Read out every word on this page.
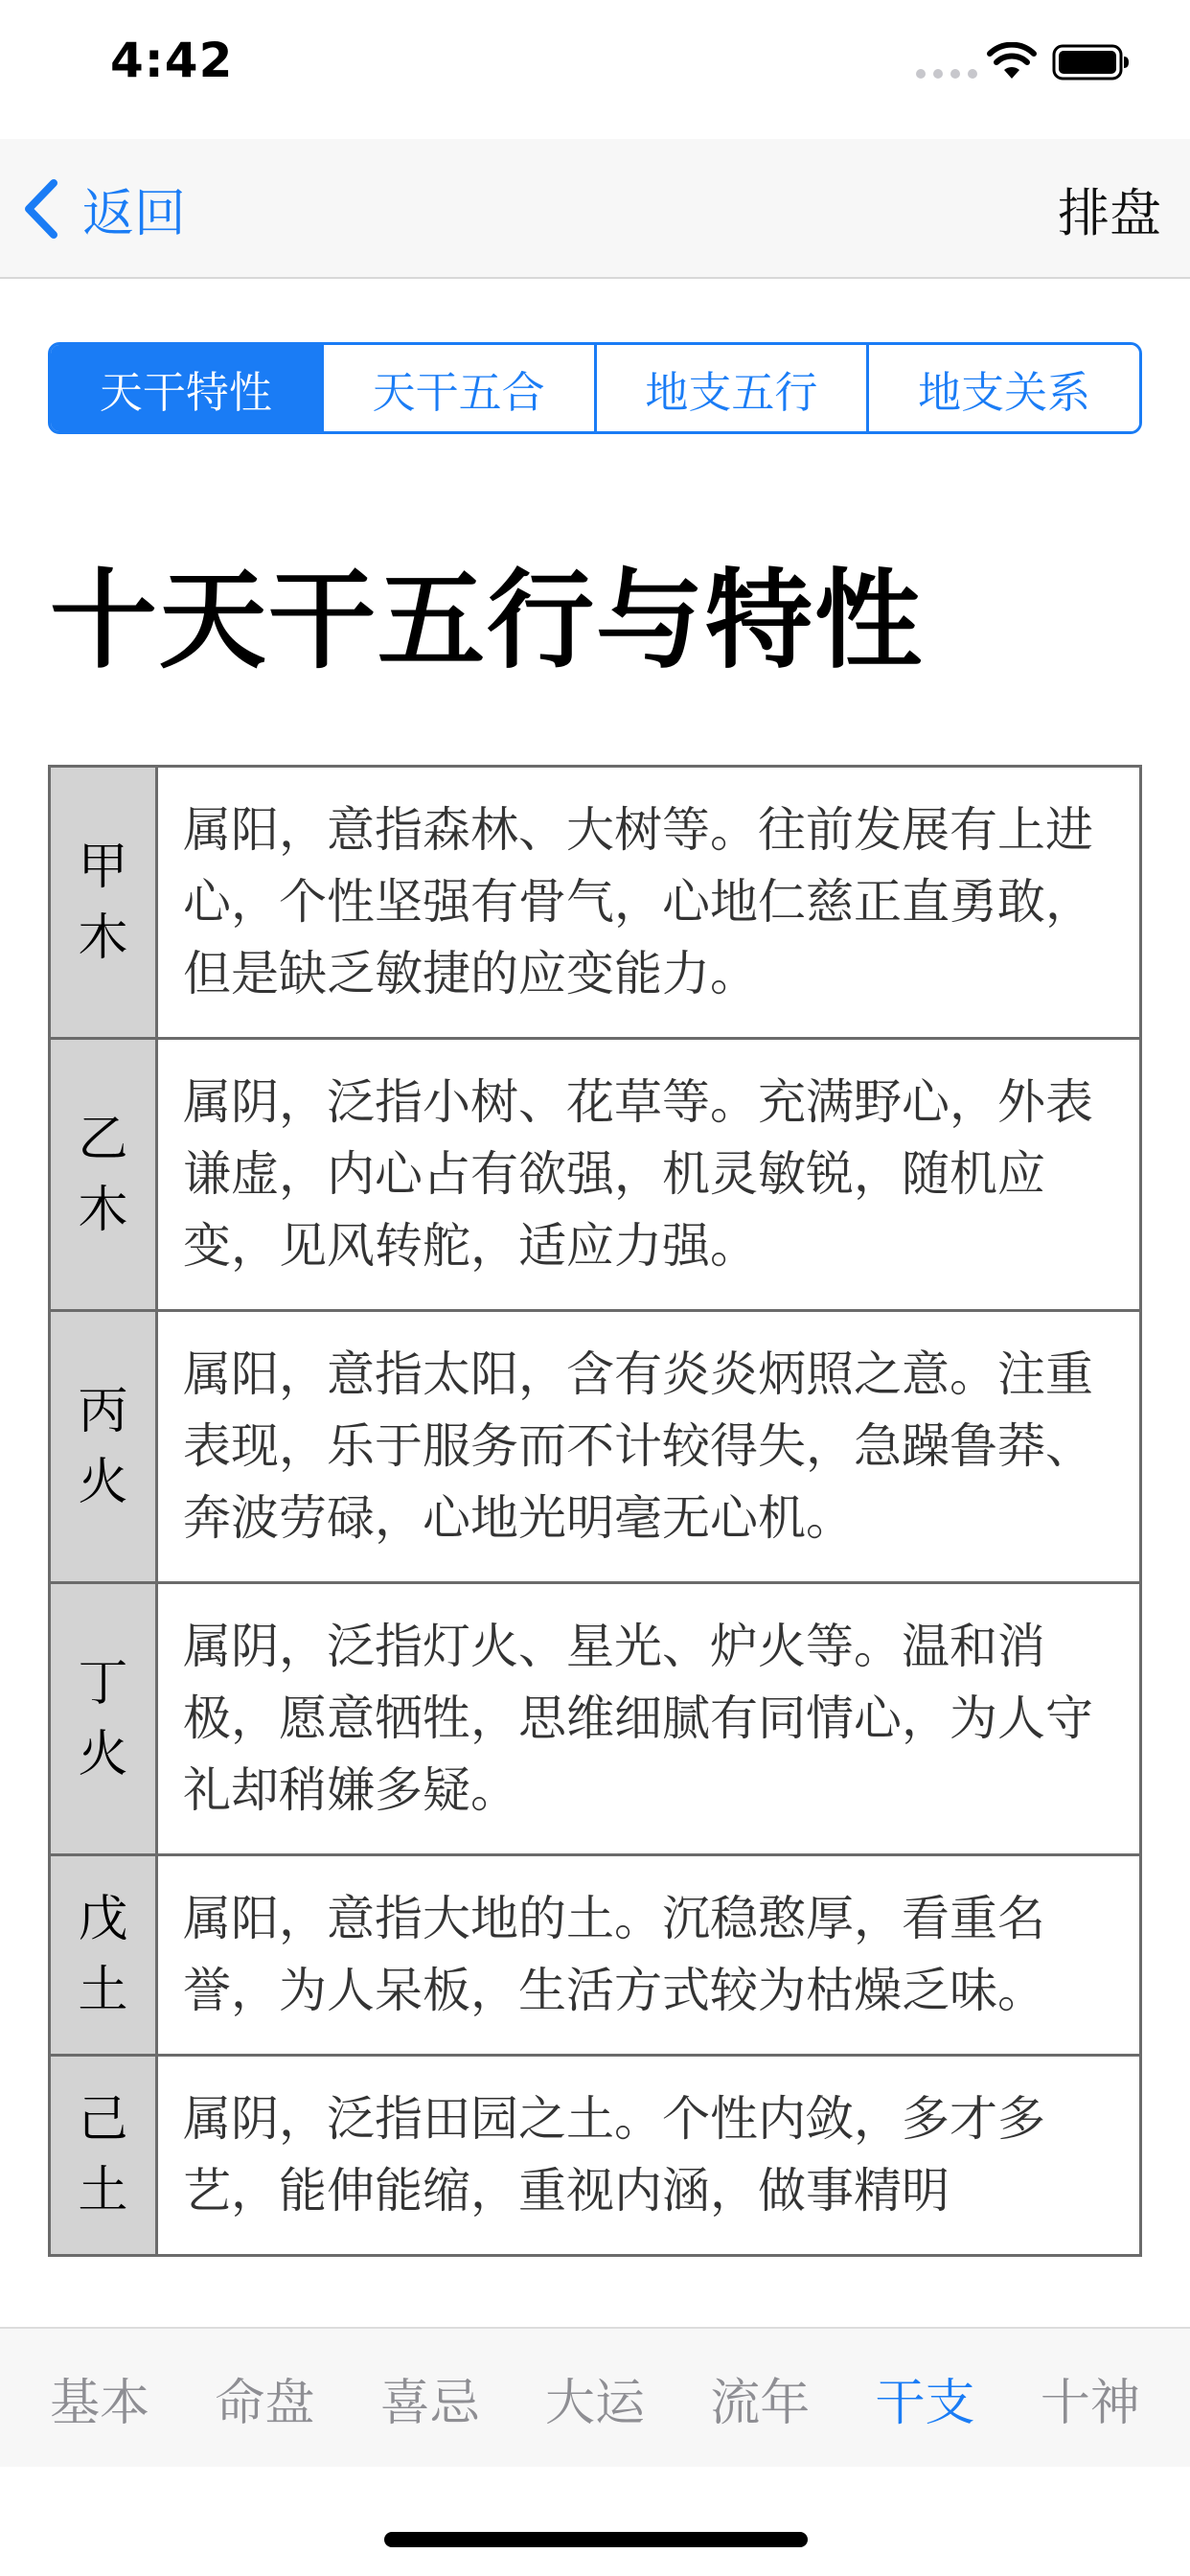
4:42
返回	排盘
天干特性	天干五合	地支五行	地支关系
十天干五行与特性
甲
木	属阳，意指森林、大树等。往前发展有上进心，个性坚强有骨气，心地仁慈正直勇敢，但是缺乏敏捷的应变能力。
乙
木	属阴，泛指小树、花草等。充满野心，外表谦虚，内心占有欲强，机灵敏锐，随机应变，见风转舵，适应力强。
丙
火	属阳，意指太阳，含有炎炎炳照之意。注重表现，乐于服务而不计较得失，急躁鲁莽、奔波劳碌，心地光明毫无心机。
丁
火	属阴，泛指灯火、星光、炉火等。温和消极，愿意牺牲，思维细腻有同情心，为人守礼却稍嫌多疑。
戊
土	属阳，意指大地的土。沉稳憨厚，看重名誉，为人呆板，生活方式较为枯燥乏味。
己
土	属阴，泛指田园之土。个性内敛，多才多艺，能伸能缩，重视内涵，做事精明
基本 命盘 喜忌 大运 流年 干支 十神
